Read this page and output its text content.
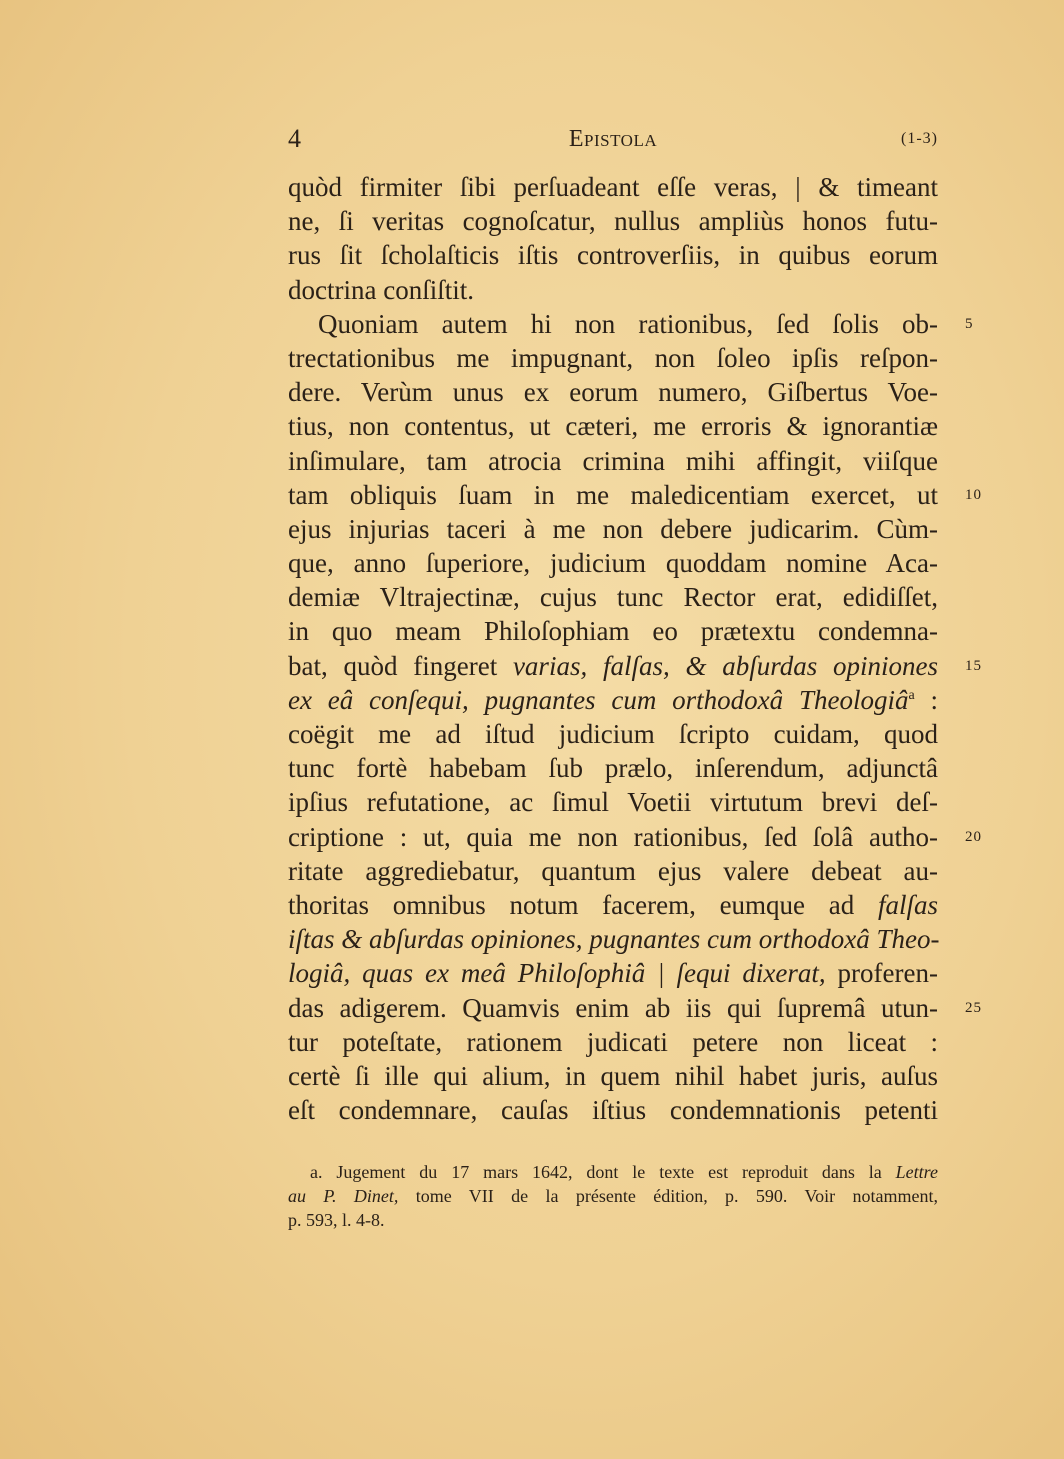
4	Epistola	(1-3)
quòd firmiter ſibi perſuadeant eſſe veras, | & timeant
ne, ſi veritas cognoſcatur, nullus ampliùs honos futu-
rus ſit ſcholaſticis iſtis controverſiis, in quibus eorum
doctrina conſiſtit.
Quoniam autem hi non rationibus, ſed ſolis ob-
trectationibus me impugnant, non ſoleo ipſis reſpon-
dere. Verùm unus ex eorum numero, Giſbertus Voe-
tius, non contentus, ut cæteri, me erroris & ignorantiæ
inſimulare, tam atrocia crimina mihi affingit, viiſque
tam obliquis ſuam in me maledicentiam exercet, ut
ejus injurias taceri à me non debere judicarim. Cùm-
que, anno ſuperiore, judicium quoddam nomine Aca-
demiæ Vltrajectinæ, cujus tunc Rector erat, edidiſſet,
in quo meam Philoſophiam eo prætextu condemna-
bat, quòd fingeret varias, falſas, & abſurdas opiniones
ex eâ conſequi, pugnantes cum orthodoxâ Theologiâ$^a$ :
coëgit me ad iſtud judicium ſcripto cuidam, quod
tunc fortè habebam ſub prælo, inſerendum, adjunctâ
ipſius refutatione, ac ſimul Voetii virtutum brevi deſ-
criptione : ut, quia me non rationibus, ſed ſolâ autho-
ritate aggrediebatur, quantum ejus valere debeat au-
thoritas omnibus notum facerem, eumque ad falſas
iſtas & abſurdas opiniones, pugnantes cum orthodoxâ Theo-
logiâ, quas ex meâ Philoſophiâ | ſequi dixerat, proferen-
das adigerem. Quamvis enim ab iis qui ſupremâ utun-
tur poteſtate, rationem judicati petere non liceat :
certè ſi ille qui alium, in quem nihil habet juris, auſus
eſt condemnare, cauſas iſtius condemnationis petenti
5
10
15
20
25
a. Jugement du 17 mars 1642, dont le texte est reproduit dans la Lettre
au P. Dinet, tome VII de la présente édition, p. 590. Voir notamment,
p. 593, l. 4-8.
